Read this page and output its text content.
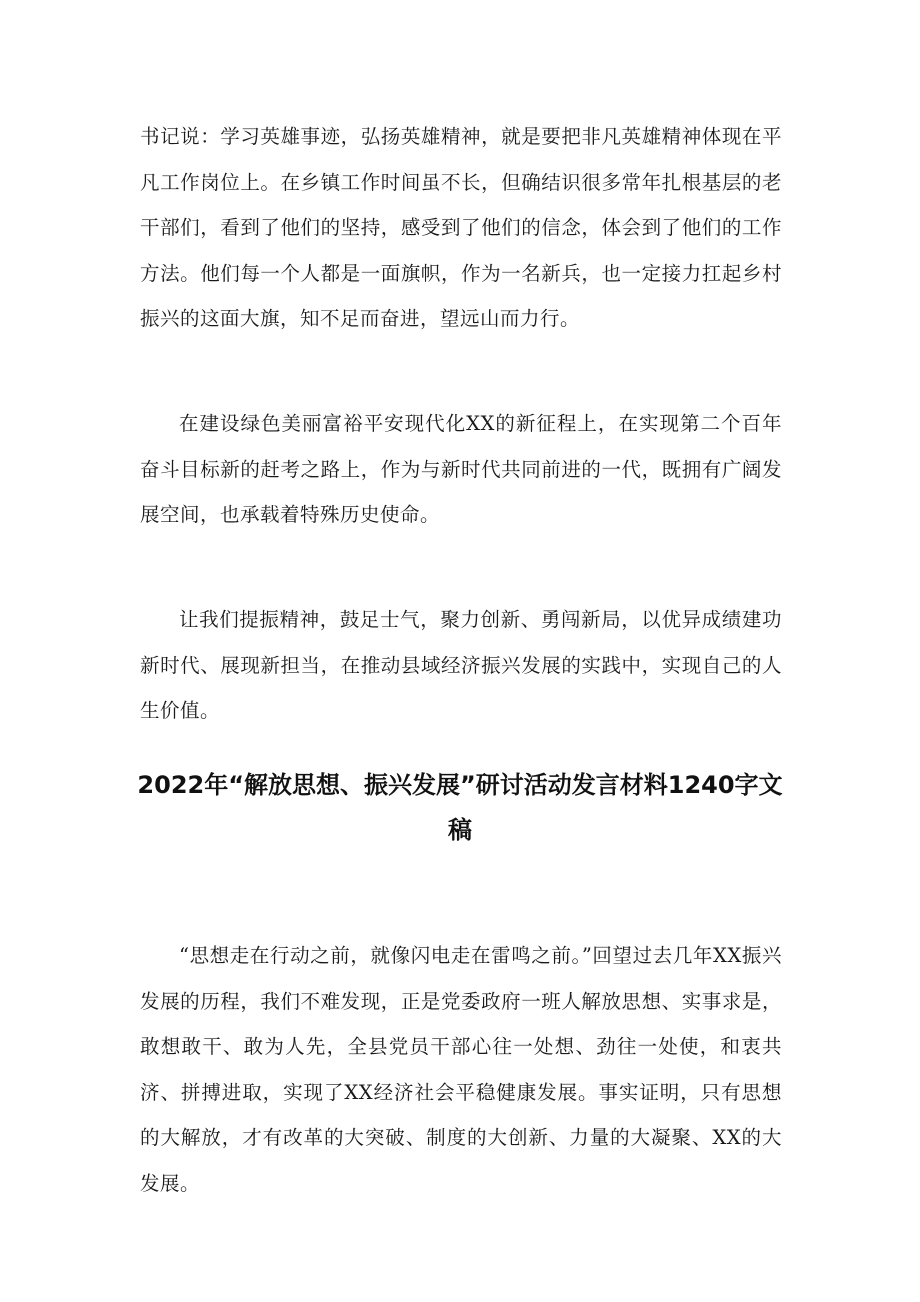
书记说：学习英雄事迹，弘扬英雄精神，就是要把非凡英雄精神体现在平凡工作岗位上。在乡镇工作时间虽不长，但确结识很多常年扎根基层的老干部们，看到了他们的坚持，感受到了他们的信念，体会到了他们的工作方法。他们每一个人都是一面旗帜，作为一名新兵，也一定接力扛起乡村振兴的这面大旗，知不足而奋进，望远山而力行。

在建设绿色美丽富裕平安现代化XX的新征程上，在实现第二个百年奋斗目标新的赶考之路上，作为与新时代共同前进的一代，既拥有广阔发展空间，也承载着特殊历史使命。

让我们提振精神，鼓足士气，聚力创新、勇闯新局，以优异成绩建功新时代、展现新担当，在推动县域经济振兴发展的实践中，实现自己的人生价值。

2022年“解放思想、振兴发展”研讨活动发言材料1240字文稿

“思想走在行动之前，就像闪电走在雷鸣之前。”回望过去几年XX振兴发展的历程，我们不难发现，正是党委政府一班人解放思想、实事求是，敢想敢干、敢为人先，全县党员干部心往一处想、劲往一处使，和衷共济、拼搏进取，实现了XX经济社会平稳健康发展。事实证明，只有思想的大解放，才有改革的大突破、制度的大创新、力量的大凝聚、XX的大发展。
